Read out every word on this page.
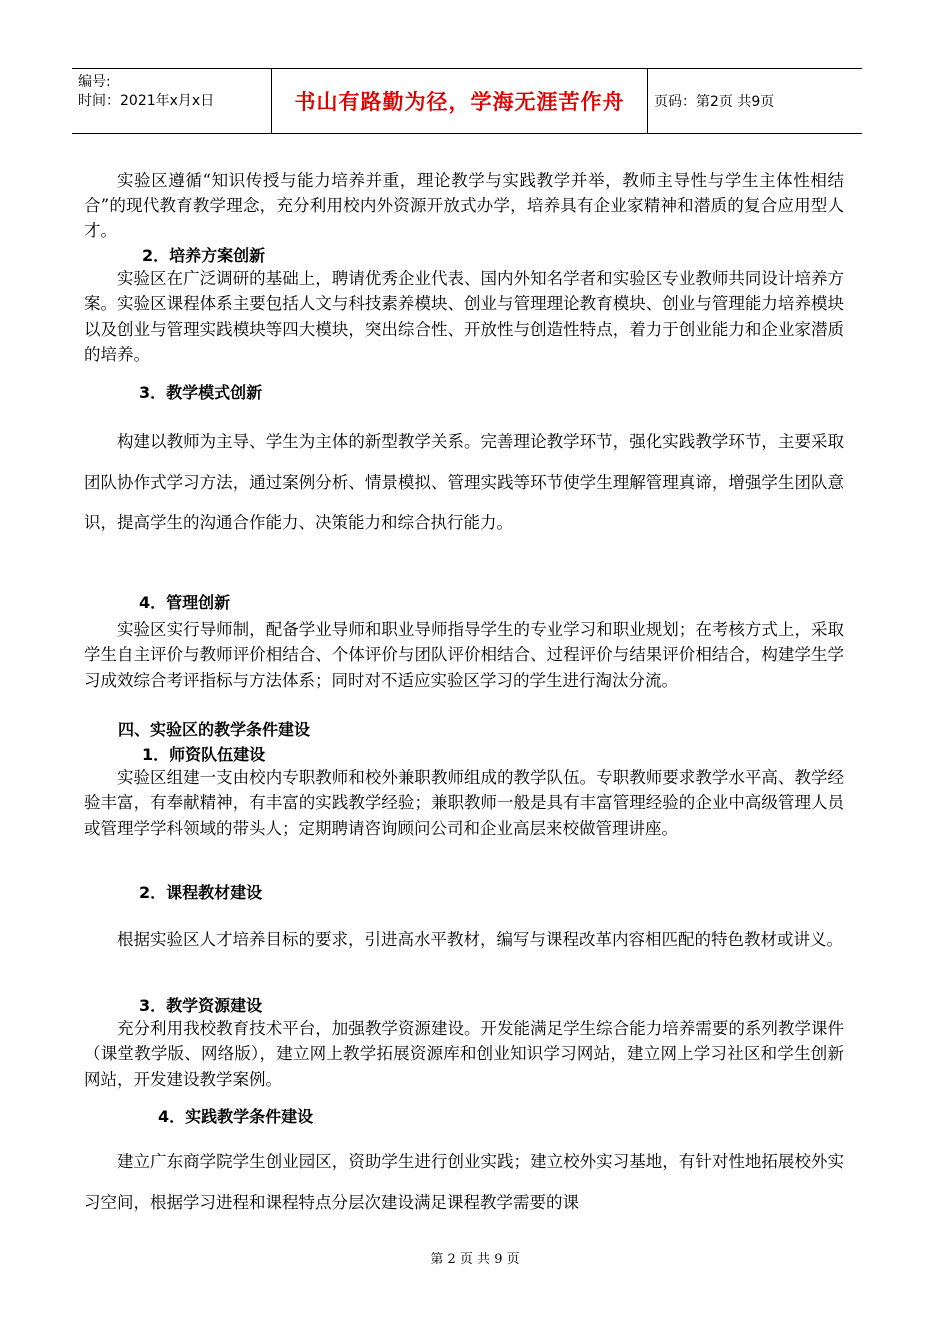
编号:
时间：2021年x月x日	书山有路勤为径，学海无涯苦作舟	页码：第2页 共9页

实验区遵循“知识传授与能力培养并重，理论教学与实践教学并举，教师主导性与学生主体性相结合”的现代教育教学理念，充分利用校内外资源开放式办学，培养具有企业家精神和潜质的复合应用型人才。

2．培养方案创新

实验区在广泛调研的基础上，聘请优秀企业代表、国内外知名学者和实验区专业教师共同设计培养方案。实验区课程体系主要包括人文与科技素养模块、创业与管理理论教育模块、创业与管理能力培养模块以及创业与管理实践模块等四大模块，突出综合性、开放性与创造性特点，着力于创业能力和企业家潜质的培养。

3．教学模式创新

构建以教师为主导、学生为主体的新型教学关系。完善理论教学环节，强化实践教学环节，主要采取团队协作式学习方法，通过案例分析、情景模拟、管理实践等环节使学生理解管理真谛，增强学生团队意识，提高学生的沟通合作能力、决策能力和综合执行能力。

4．管理创新

实验区实行导师制，配备学业导师和职业导师指导学生的专业学习和职业规划；在考核方式上，采取学生自主评价与教师评价相结合、个体评价与团队评价相结合、过程评价与结果评价相结合，构建学生学习成效综合考评指标与方法体系；同时对不适应实验区学习的学生进行淘汰分流。

四、实验区的教学条件建设

1．师资队伍建设

实验区组建一支由校内专职教师和校外兼职教师组成的教学队伍。专职教师要求教学水平高、教学经验丰富，有奉献精神，有丰富的实践教学经验；兼职教师一般是具有丰富管理经验的企业中高级管理人员或管理学学科领域的带头人；定期聘请咨询顾问公司和企业高层来校做管理讲座。

2．课程教材建设

根据实验区人才培养目标的要求，引进高水平教材，编写与课程改革内容相匹配的特色教材或讲义。

3．教学资源建设

充分利用我校教育技术平台，加强教学资源建设。开发能满足学生综合能力培养需要的系列教学课件（课堂教学版、网络版），建立网上教学拓展资源库和创业知识学习网站，建立网上学习社区和学生创新网站，开发建设教学案例。

4．实践教学条件建设

建立广东商学院学生创业园区，资助学生进行创业实践；建立校外实习基地，有针对性地拓展校外实习空间，根据学习进程和课程特点分层次建设满足课程教学需要的课

第 2 页 共 9 页
